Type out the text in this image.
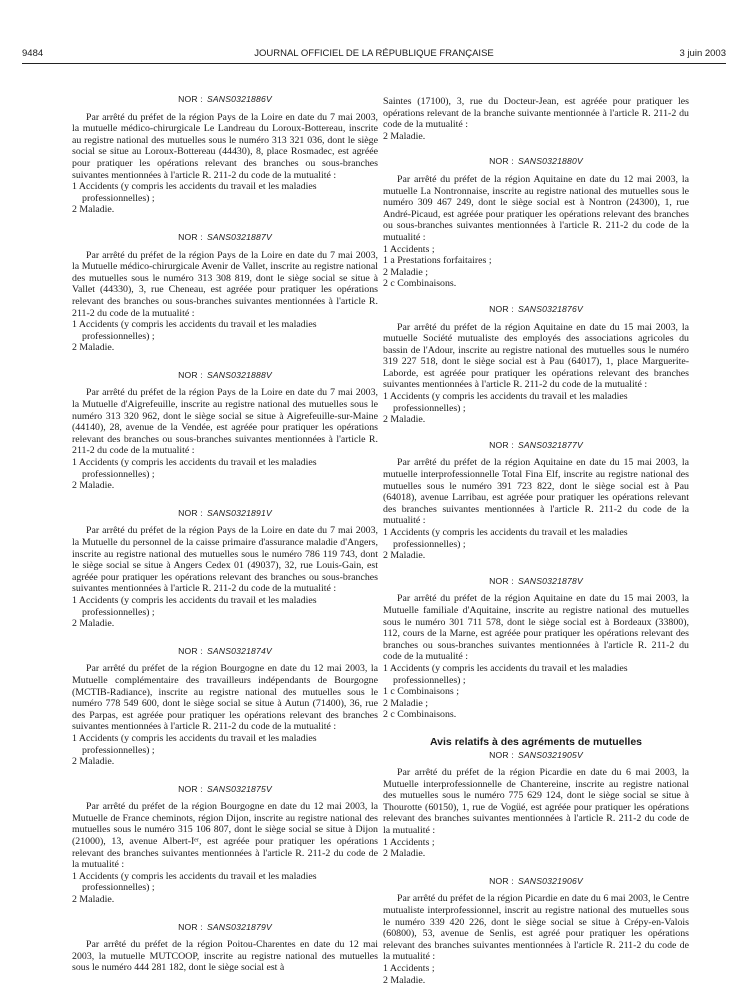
9484	JOURNAL OFFICIEL DE LA RÉPUBLIQUE FRANÇAISE	3 juin 2003
NOR : SANS0321886V

Par arrêté du préfet de la région Pays de la Loire en date du 7 mai 2003, la mutuelle médico-chirurgicale Le Landreau du Loroux-Bottereau, inscrite au registre national des mutuelles sous le numéro 313 321 036, dont le siège social se situe au Loroux-Bottereau (44430), 8, place Rosmadec, est agréée pour pratiquer les opérations relevant des branches ou sous-branches suivantes mentionnées à l'article R. 211-2 du code de la mutualité :

1 Accidents (y compris les accidents du travail et les maladies professionnelles) ;
2 Maladie.
NOR : SANS0321887V

Par arrêté du préfet de la région Pays de la Loire en date du 7 mai 2003, la Mutuelle médico-chirurgicale Avenir de Vallet, inscrite au registre national des mutuelles sous le numéro 313 308 819, dont le siège social se situe à Vallet (44330), 3, rue Cheneau, est agréée pour pratiquer les opérations relevant des branches ou sous-branches suivantes mentionnées à l'article R. 211-2 du code de la mutualité :

1 Accidents (y compris les accidents du travail et les maladies professionnelles) ;
2 Maladie.
NOR : SANS0321888V

Par arrêté du préfet de la région Pays de la Loire en date du 7 mai 2003, la Mutuelle d'Aigrefeuille, inscrite au registre national des mutuelles sous le numéro 313 320 962, dont le siège social se situe à Aigrefeuille-sur-Maine (44140), 28, avenue de la Vendée, est agréée pour pratiquer les opérations relevant des branches ou sous-branches suivantes mentionnées à l'article R. 211-2 du code de la mutualité :

1 Accidents (y compris les accidents du travail et les maladies professionnelles) ;
2 Maladie.
NOR : SANS0321891V

Par arrêté du préfet de la région Pays de la Loire en date du 7 mai 2003, la Mutuelle du personnel de la caisse primaire d'assurance maladie d'Angers, inscrite au registre national des mutuelles sous le numéro 786 119 743, dont le siège social se situe à Angers Cedex 01 (49037), 32, rue Louis-Gain, est agréée pour pratiquer les opérations relevant des branches ou sous-branches suivantes mentionnées à l'article R. 211-2 du code de la mutualité :

1 Accidents (y compris les accidents du travail et les maladies professionnelles) ;
2 Maladie.
NOR : SANS0321874V

Par arrêté du préfet de la région Bourgogne en date du 12 mai 2003, la Mutuelle complémentaire des travailleurs indépendants de Bourgogne (MCTIB-Radiance), inscrite au registre national des mutuelles sous le numéro 778 549 600, dont le siège social se situe à Autun (71400), 36, rue des Parpas, est agréée pour pratiquer les opérations relevant des branches suivantes mentionnées à l'article R. 211-2 du code de la mutualité :

1 Accidents (y compris les accidents du travail et les maladies professionnelles) ;
2 Maladie.
NOR : SANS0321875V

Par arrêté du préfet de la région Bourgogne en date du 12 mai 2003, la Mutuelle de France cheminots, région Dijon, inscrite au registre national des mutuelles sous le numéro 315 106 807, dont le siège social se situe à Dijon (21000), 13, avenue Albert-Iᵉʳ, est agréée pour pratiquer les opérations relevant des branches suivantes mentionnées à l'article R. 211-2 du code de la mutualité :

1 Accidents (y compris les accidents du travail et les maladies professionnelles) ;
2 Maladie.
NOR : SANS0321879V

Par arrêté du préfet de la région Poitou-Charentes en date du 12 mai 2003, la mutuelle MUTCOOP, inscrite au registre national des mutuelles sous le numéro 444 281 182, dont le siège social est à

Saintes (17100), 3, rue du Docteur-Jean, est agréée pour pratiquer les opérations relevant de la branche suivante mentionnée à l'article R. 211-2 du code de la mutualité :

2 Maladie.
NOR : SANS0321880V

Par arrêté du préfet de la région Aquitaine en date du 12 mai 2003, la mutuelle La Nontronnaise, inscrite au registre national des mutuelles sous le numéro 309 467 249, dont le siège social est à Nontron (24300), 1, rue André-Picaud, est agréée pour pratiquer les opérations relevant des branches ou sous-branches suivantes mentionnées à l'article R. 211-2 du code de la mutualité :

1 Accidents ;
1 a Prestations forfaitaires ;
2 Maladie ;
2 c Combinaisons.
NOR : SANS0321876V

Par arrêté du préfet de la région Aquitaine en date du 15 mai 2003, la mutuelle Société mutualiste des employés des associations agricoles du bassin de l'Adour, inscrite au registre national des mutuelles sous le numéro 319 227 518, dont le siège social est à Pau (64017), 1, place Marguerite-Laborde, est agréée pour pratiquer les opérations relevant des branches suivantes mentionnées à l'article R. 211-2 du code de la mutualité :

1 Accidents (y compris les accidents du travail et les maladies professionnelles) ;
2 Maladie.
NOR : SANS0321877V

Par arrêté du préfet de la région Aquitaine en date du 15 mai 2003, la mutuelle interprofessionnelle Total Fina Elf, inscrite au registre national des mutuelles sous le numéro 391 723 822, dont le siège social est à Pau (64018), avenue Larribau, est agréée pour pratiquer les opérations relevant des branches suivantes mentionnées à l'article R. 211-2 du code de la mutualité :

1 Accidents (y compris les accidents du travail et les maladies professionnelles) ;
2 Maladie.
NOR : SANS0321878V

Par arrêté du préfet de la région Aquitaine en date du 15 mai 2003, la Mutuelle familiale d'Aquitaine, inscrite au registre national des mutuelles sous le numéro 301 711 578, dont le siège social est à Bordeaux (33800), 112, cours de la Marne, est agréée pour pratiquer les opérations relevant des branches ou sous-branches suivantes mentionnées à l'article R. 211-2 du code de la mutualité :

1 Accidents (y compris les accidents du travail et les maladies professionnelles) ;
1 c Combinaisons ;
2 Maladie ;
2 c Combinaisons.
Avis relatifs à des agréments de mutuelles
NOR : SANS0321905V

Par arrêté du préfet de la région Picardie en date du 6 mai 2003, la Mutuelle interprofessionnelle de Chantereine, inscrite au registre national des mutuelles sous le numéro 775 629 124, dont le siège social se situe à Thourotte (60150), 1, rue de Vogüé, est agréée pour pratiquer les opérations relevant des branches suivantes mentionnées à l'article R. 211-2 du code de la mutualité :

1 Accidents ;
2 Maladie.
NOR : SANS0321906V

Par arrêté du préfet de la région Picardie en date du 6 mai 2003, le Centre mutualiste interprofessionnel, inscrit au registre national des mutuelles sous le numéro 339 420 226, dont le siège social se situe à Crépy-en-Valois (60800), 53, avenue de Senlis, est agréé pour pratiquer les opérations relevant des branches suivantes mentionnées à l'article R. 211-2 du code de la mutualité :

1 Accidents ;
2 Maladie.
